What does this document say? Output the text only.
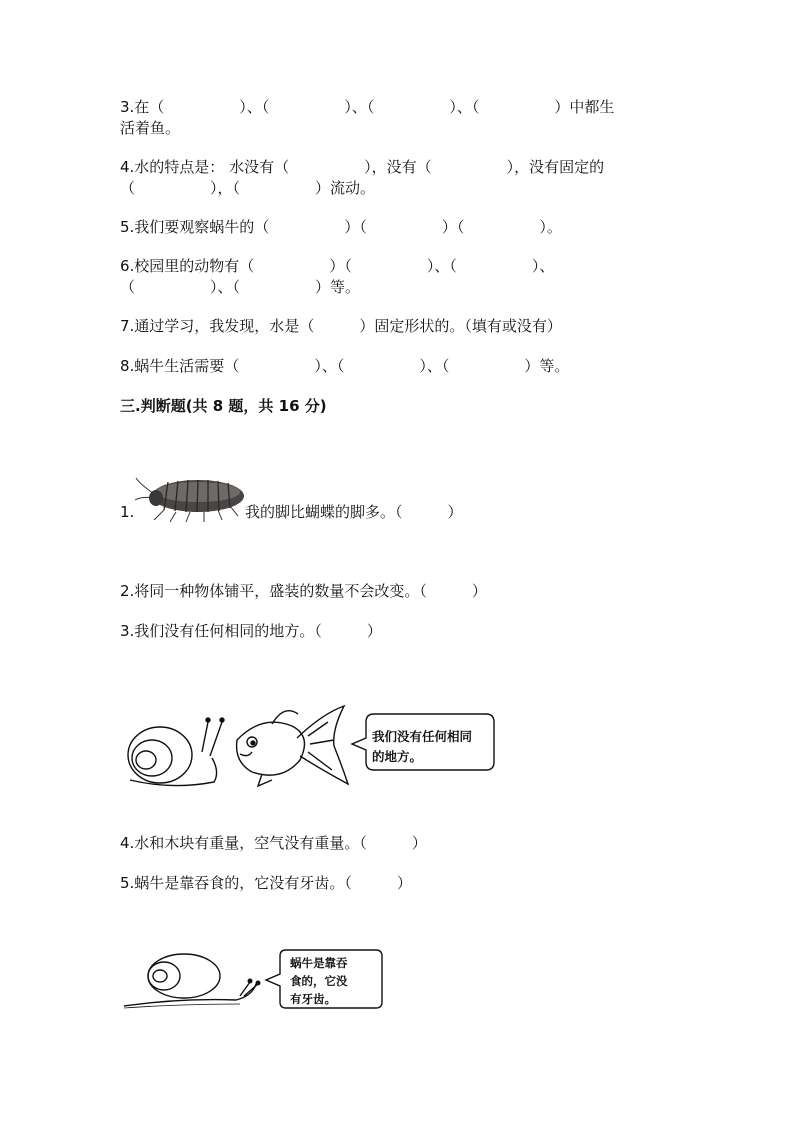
3.在（　　　　　）、（　　　　　）、（　　　　　）、（　　　　　）中都生
活着鱼。
4.水的特点是： 水没有（　　　　　），没有（　　　　　），没有固定的
（　　　　　），（　　　　　）流动。
5.我们要观察蜗牛的（　　　　　）（　　　　　）（　　　　　）。
6.校园里的动物有（　　　　　）（　　　　　）、（　　　　　）、
（　　　　　）、（　　　　　）等。
7.通过学习，我发现，水是（　　　）固定形状的。（填有或没有）
8.蜗牛生活需要（　　　　　）、（　　　　　）、（　　　　　）等。
三.判断题(共 8 题，共 16 分)
1.	我的脚比蝴蝶的脚多。（　　　）
2.将同一种物体铺平，盛装的数量不会改变。（　　　）
3.我们没有任何相同的地方。（　　　）
我们没有任何相同
的地方。
4.水和木块有重量，空气没有重量。（　　　）
5.蜗牛是靠吞食的，它没有牙齿。（　　　）
蜗牛是靠吞
食的，它没
有牙齿。
